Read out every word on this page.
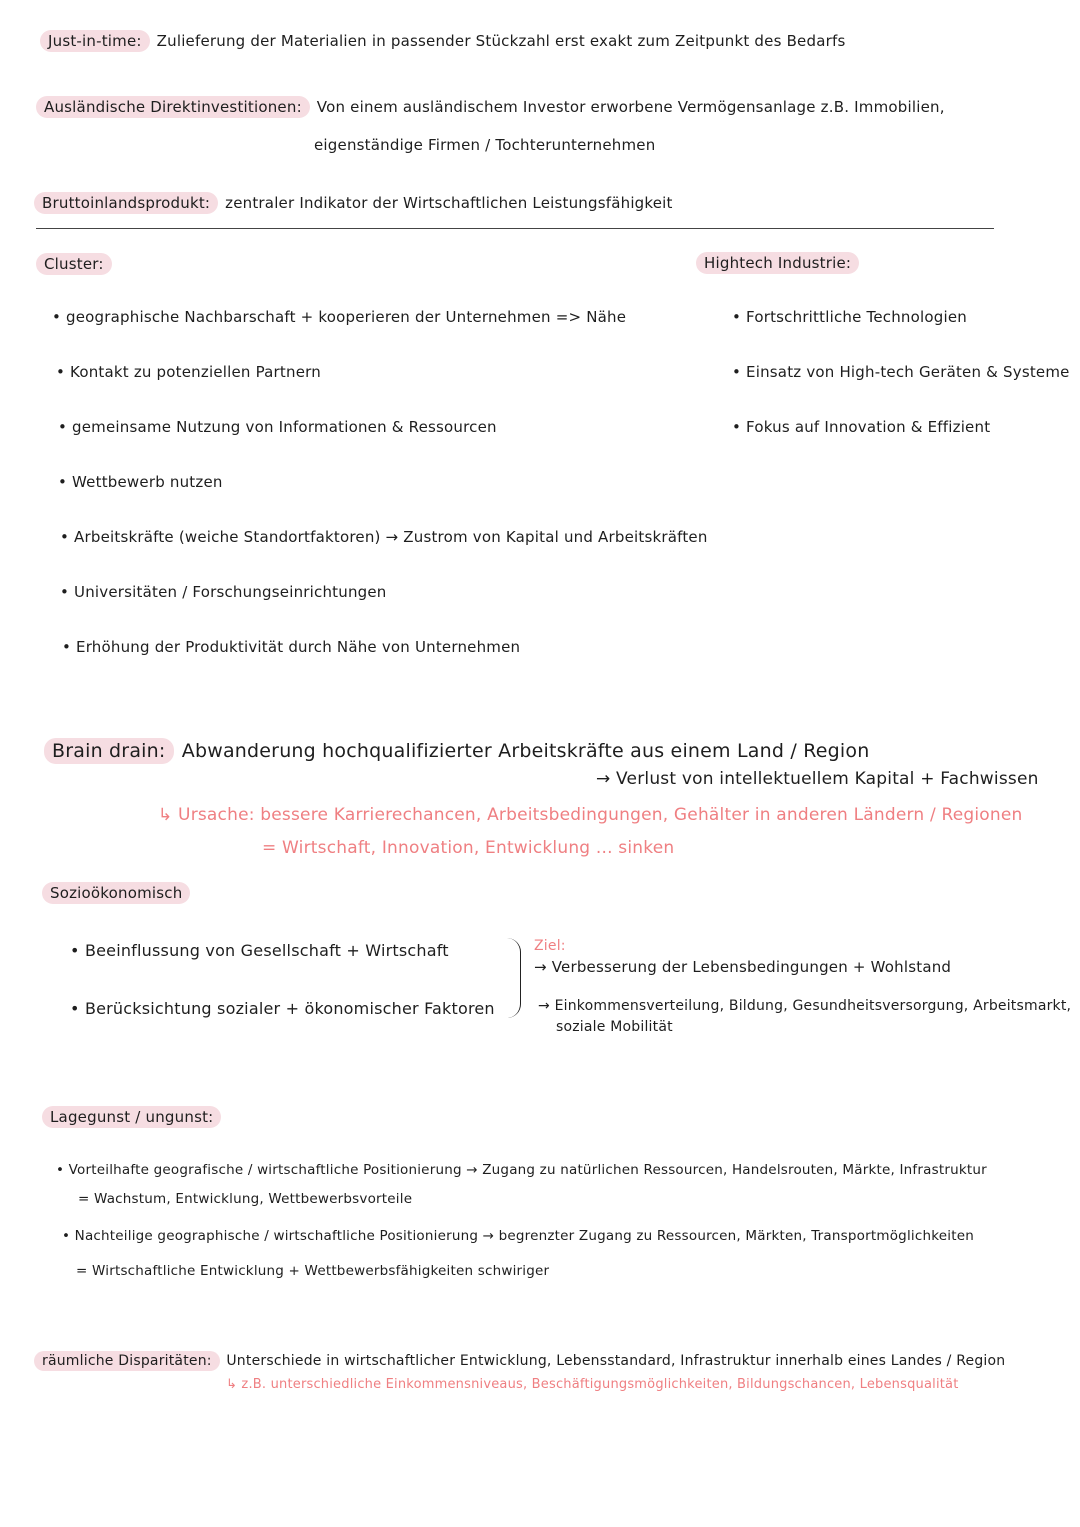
Just-in-time: Zulieferung der Materialien in passender Stückzahl erst exakt zum Zeitpunkt des Bedarfs
Ausländische Direktinvestitionen: Von einem ausländischem Investor erworbene Vermögensanlage z.B. Immobilien,
eigenständige Firmen / Tochterunternehmen
Bruttoinlandsprodukt: zentraler Indikator der Wirtschaftlichen Leistungsfähigkeit
Cluster:
• geographische Nachbarschaft + kooperieren der Unternehmen => Nähe
• Kontakt zu potenziellen Partnern
• gemeinsame Nutzung von Informationen & Ressourcen
• Wettbewerb nutzen
• Arbeitskräfte (weiche Standortfaktoren) → Zustrom von Kapital und Arbeitskräften
• Universitäten / Forschungseinrichtungen
• Erhöhung der Produktivität durch Nähe von Unternehmen
Hightech Industrie:
• Fortschrittliche Technologien
• Einsatz von High-tech Geräten & Systeme
• Fokus auf Innovation & Effizient
Brain drain: Abwanderung hochqualifizierter Arbeitskräfte aus einem Land / Region
→ Verlust von intellektuellem Kapital + Fachwissen
↳ Ursache: bessere Karrierechancen, Arbeitsbedingungen, Gehälter in anderen Ländern / Regionen
= Wirtschaft, Innovation, Entwicklung ... sinken
Sozioökonomisch
• Beeinflussung von Gesellschaft + Wirtschaft
• Berücksichtung sozialer + ökonomischer Faktoren
Ziel:
→ Verbesserung der Lebensbedingungen + Wohlstand
→ Einkommensverteilung, Bildung, Gesundheitsversorgung, Arbeitsmarkt,
soziale Mobilität
Lagegunst / ungunst:
• Vorteilhafte geografische / wirtschaftliche Positionierung → Zugang zu natürlichen Ressourcen, Handelsrouten, Märkte, Infrastruktur
= Wachstum, Entwicklung, Wettbewerbsvorteile
• Nachteilige geographische / wirtschaftliche Positionierung → begrenzter Zugang zu Ressourcen, Märkten, Transportmöglichkeiten
= Wirtschaftliche Entwicklung + Wettbewerbsfähigkeiten schwiriger
räumliche Disparitäten: Unterschiede in wirtschaftlicher Entwicklung, Lebensstandard, Infrastruktur innerhalb eines Landes / Region
↳ z.B. unterschiedliche Einkommensniveaus, Beschäftigungsmöglichkeiten, Bildungschancen, Lebensqualität
